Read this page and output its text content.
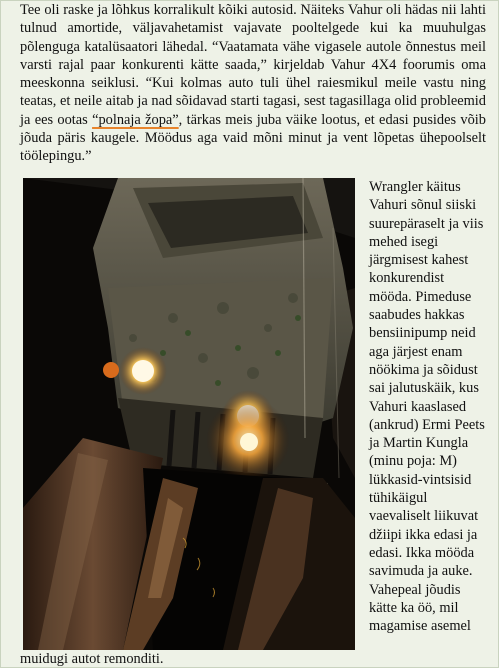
Tee oli raske ja lõhkus korralikult kõiki autosid. Näiteks Vahur oli hädas nii lahti tulnud amortide, väljavahetamist vajavate pooltelgede kui ka muuhulgas põlenguga katalüsaatori lähedal. “Vaatamata vähe vigasele autole õnnestus meil varsti rajal paar konkurenti kätte saada,” kirjeldab Vahur 4X4 foorumis oma meeskonna seiklusi. “Kui kolmas auto tuli ühel raiesmikul meile vastu ning teatas, et neile aitab ja nad sõidavad starti tagasi, sest tagasillaga olid probleemid ja ees ootas “polnaja žopa”, tärkas meis juba väike lootus, et edasi pusides võib jõuda päris kaugele. Möödus aga vaid mõni minut ja vent lõpetas ühepoolselt töölepingu.”

Wrangler käitus Vahuri sõnul siiski suurepäraselt ja viis mehed isegi järgmisest kahest konkurendist mööda. Pimeduse saabudes hakkas bensiinipump neid aga järjest enam nöökima ja sõidust sai jalutuskäik, kus Vahuri kaaslased (ankrud) Ermi Peets ja Martin Kungla (minu poja: M) lükkasid-vintsisid tühikäigul vaevaliselt liikuvat džiipi ikka edasi ja edasi. Ikka mööda savimuda ja auke. Vahepeal jõudis kätte ka öö, mil magamise asemel

muidugi autot remonditi.
